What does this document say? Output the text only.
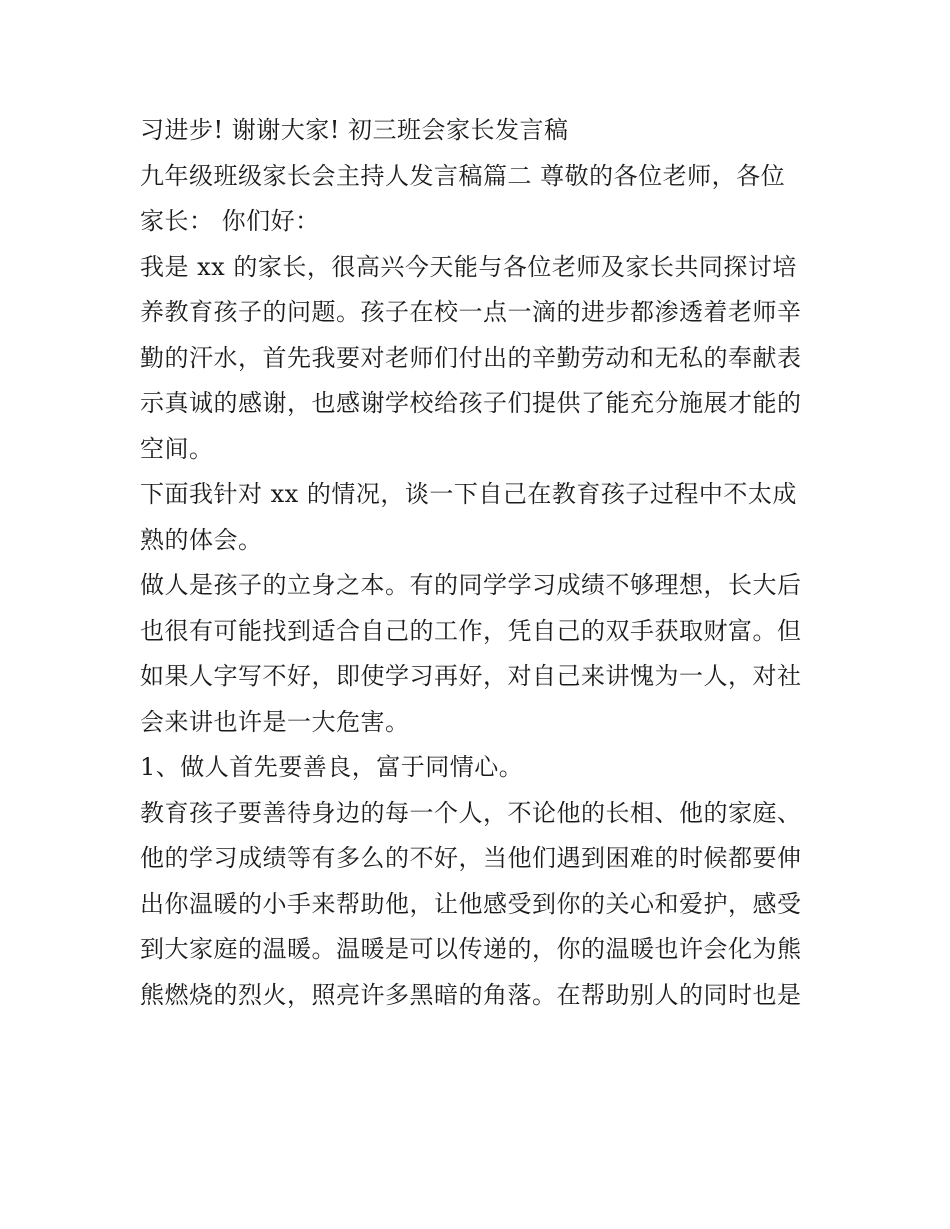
习进步! 谢谢大家! 初三班会家长发言稿
九年级班级家长会主持人发言稿篇二 尊敬的各位老师，各位
家长： 你们好：
我是 xx 的家长，很高兴今天能与各位老师及家长共同探讨培
养教育孩子的问题。孩子在校一点一滴的进步都渗透着老师辛
勤的汗水，首先我要对老师们付出的辛勤劳动和无私的奉献表
示真诚的感谢，也感谢学校给孩子们提供了能充分施展才能的
空间。
下面我针对 xx 的情况，谈一下自己在教育孩子过程中不太成
熟的体会。
做人是孩子的立身之本。有的同学学习成绩不够理想，长大后
也很有可能找到适合自己的工作，凭自己的双手获取财富。但
如果人字写不好，即使学习再好，对自己来讲愧为一人，对社
会来讲也许是一大危害。
1、做人首先要善良，富于同情心。
教育孩子要善待身边的每一个人，不论他的长相、他的家庭、
他的学习成绩等有多么的不好，当他们遇到困难的时候都要伸
出你温暖的小手来帮助他，让他感受到你的关心和爱护，感受
到大家庭的温暖。温暖是可以传递的，你的温暖也许会化为熊
熊燃烧的烈火，照亮许多黑暗的角落。在帮助别人的同时也是
